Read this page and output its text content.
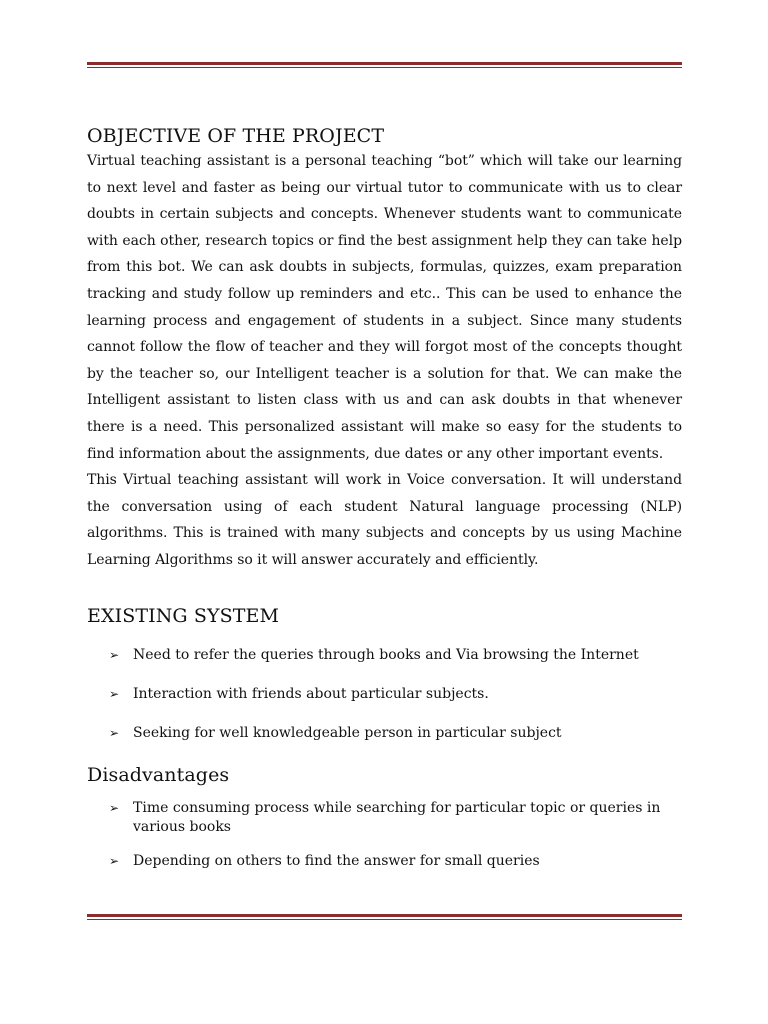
OBJECTIVE OF THE PROJECT

Virtual teaching assistant is a personal teaching “bot” which will take our learning to next level and faster as being our virtual tutor to communicate with us to clear doubts in certain subjects and concepts. Whenever students want to communicate with each other, research topics or find the best assignment help they can take help from this bot. We can ask doubts in subjects, formulas, quizzes, exam preparation tracking and study follow up reminders and etc.. This can be used to enhance the learning process and engagement of students in a subject. Since many students cannot follow the flow of teacher and they will forgot most of the concepts thought by the teacher so, our Intelligent teacher is a solution for that. We can make the Intelligent assistant to listen class with us and can ask doubts in that whenever there is a need. This personalized assistant will make so easy for the students to find information about the assignments, due dates or any other important events.

This Virtual teaching assistant will work in Voice conversation. It will understand the conversation using of each student Natural language processing (NLP) algorithms. This is trained with many subjects and concepts by us using Machine Learning Algorithms so it will answer accurately and efficiently.

EXISTING SYSTEM
➢ Need to refer the queries through books and Via browsing the Internet
➢ Interaction with friends about particular subjects.
➢ Seeking for well knowledgeable person in particular subject
Disadvantages
➢ Time consuming process while searching for particular topic or queries in various books
➢ Depending on others to find the answer for small queries
